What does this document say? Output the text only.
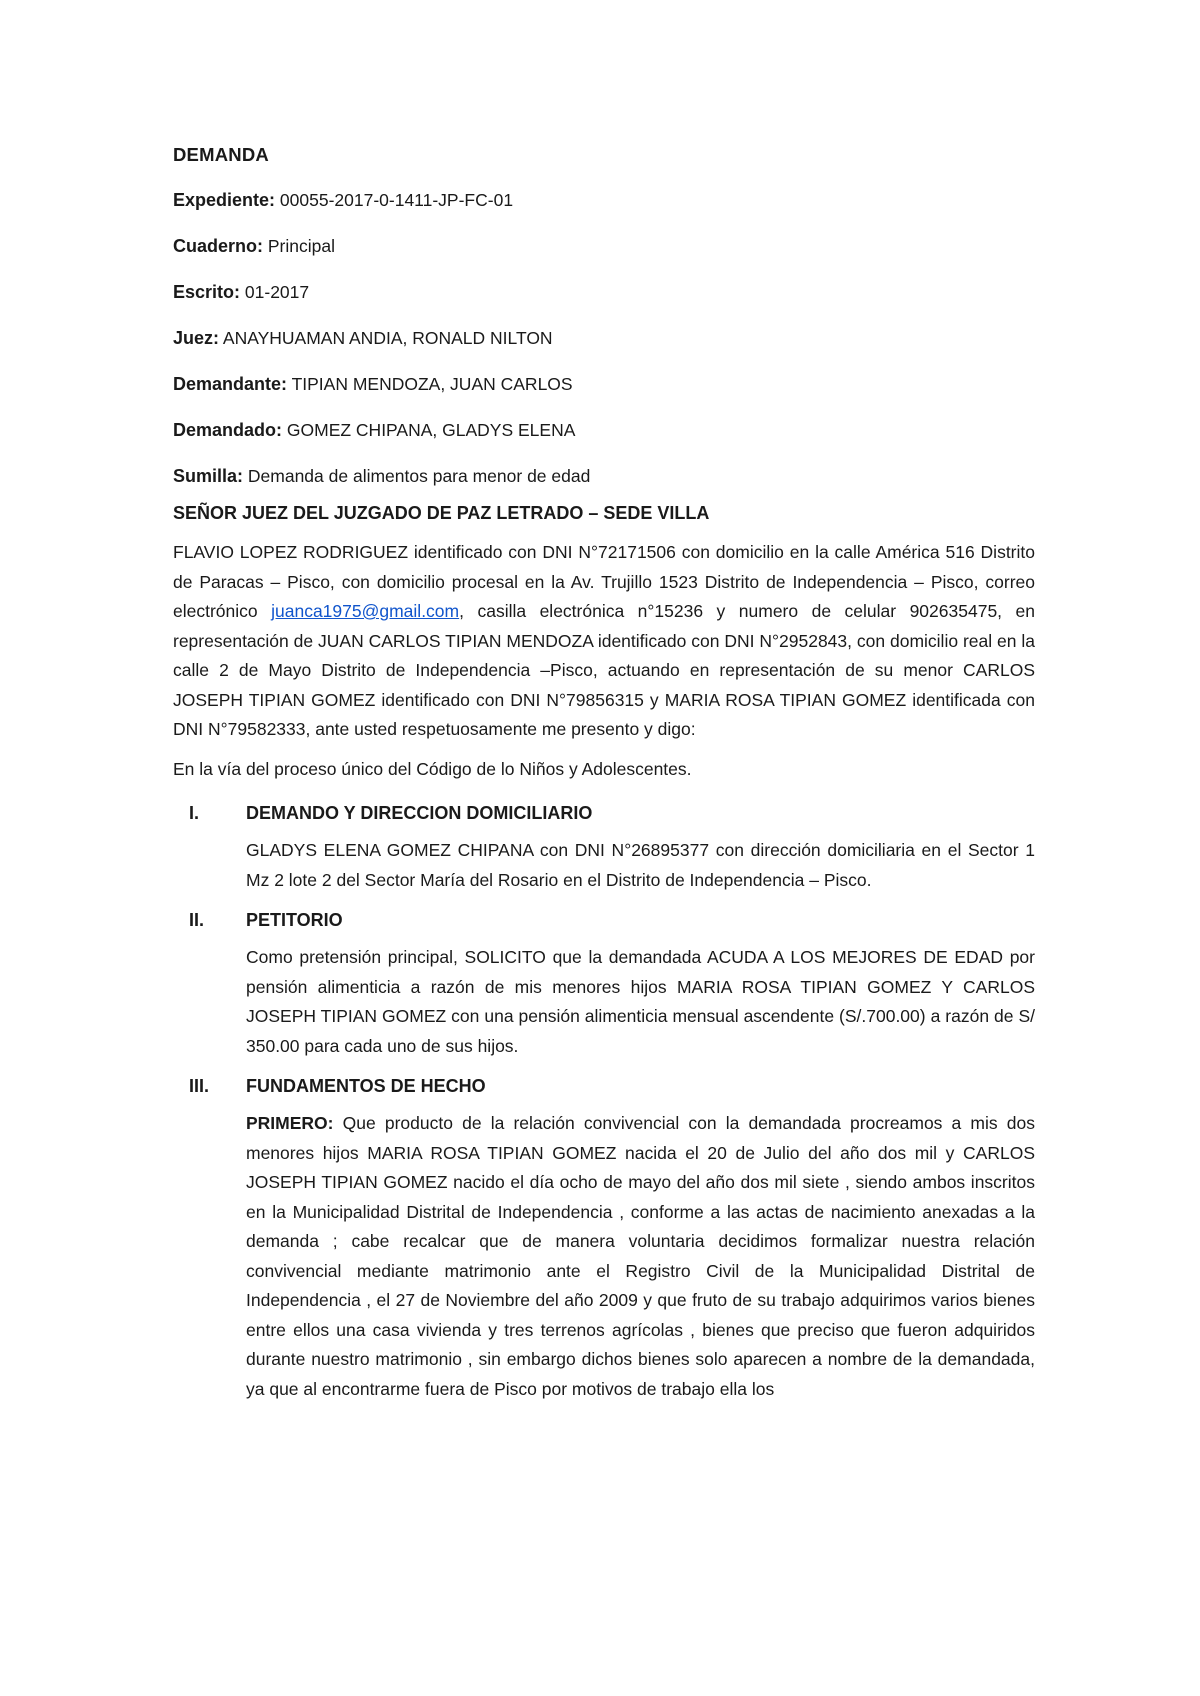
DEMANDA
Expediente: 00055-2017-0-1411-JP-FC-01
Cuaderno: Principal
Escrito: 01-2017
Juez: ANAYHUAMAN ANDIA, RONALD NILTON
Demandante: TIPIAN MENDOZA, JUAN CARLOS
Demandado: GOMEZ CHIPANA, GLADYS ELENA
Sumilla: Demanda de alimentos para menor de edad
SEÑOR JUEZ DEL JUZGADO DE PAZ LETRADO – SEDE VILLA

FLAVIO LOPEZ RODRIGUEZ identificado con DNI N°72171506 con domicilio en la calle América 516 Distrito de Paracas – Pisco, con domicilio procesal en la Av. Trujillo 1523 Distrito de Independencia – Pisco, correo electrónico juanca1975@gmail.com, casilla electrónica n°15236 y numero de celular 902635475, en representación de JUAN CARLOS TIPIAN MENDOZA identificado con DNI N°2952843, con domicilio real en la calle 2 de Mayo Distrito de Independencia –Pisco, actuando en representación de su menor CARLOS JOSEPH TIPIAN GOMEZ identificado con DNI N°79856315 y MARIA ROSA TIPIAN GOMEZ identificada con DNI N°79582333, ante usted respetuosamente me presento y digo:

En la vía del proceso único del Código de lo Niños y Adolescentes.

I.	DEMANDO Y DIRECCION DOMICILIARIO
GLADYS ELENA GOMEZ CHIPANA con DNI N°26895377 con dirección domiciliaria en el Sector 1 Mz 2 lote 2 del Sector María del Rosario en el Distrito de Independencia – Pisco.
II.	PETITORIO
Como pretensión principal, SOLICITO que la demandada ACUDA A LOS MEJORES DE EDAD por pensión alimenticia a razón de mis menores hijos MARIA ROSA TIPIAN GOMEZ Y CARLOS JOSEPH TIPIAN GOMEZ con una pensión alimenticia mensual ascendente (S/.700.00) a razón de S/ 350.00 para cada uno de sus hijos.
III.	FUNDAMENTOS DE HECHO
PRIMERO: Que producto de la relación convivencial con la demandada procreamos a mis dos menores hijos MARIA ROSA TIPIAN GOMEZ nacida el 20 de Julio del año dos mil y CARLOS JOSEPH TIPIAN GOMEZ nacido el día ocho de mayo del año dos mil siete , siendo ambos inscritos en la Municipalidad Distrital de Independencia , conforme a las actas de nacimiento anexadas a la demanda ; cabe recalcar que de manera voluntaria decidimos formalizar nuestra relación convivencial mediante matrimonio ante el Registro Civil de la Municipalidad Distrital de Independencia , el 27 de Noviembre del año 2009 y que fruto de su trabajo adquirimos varios bienes entre ellos una casa vivienda y tres terrenos agrícolas , bienes que preciso que fueron adquiridos durante nuestro matrimonio , sin embargo dichos bienes solo aparecen a nombre de la demandada, ya que al encontrarme fuera de Pisco por motivos de trabajo ella los
